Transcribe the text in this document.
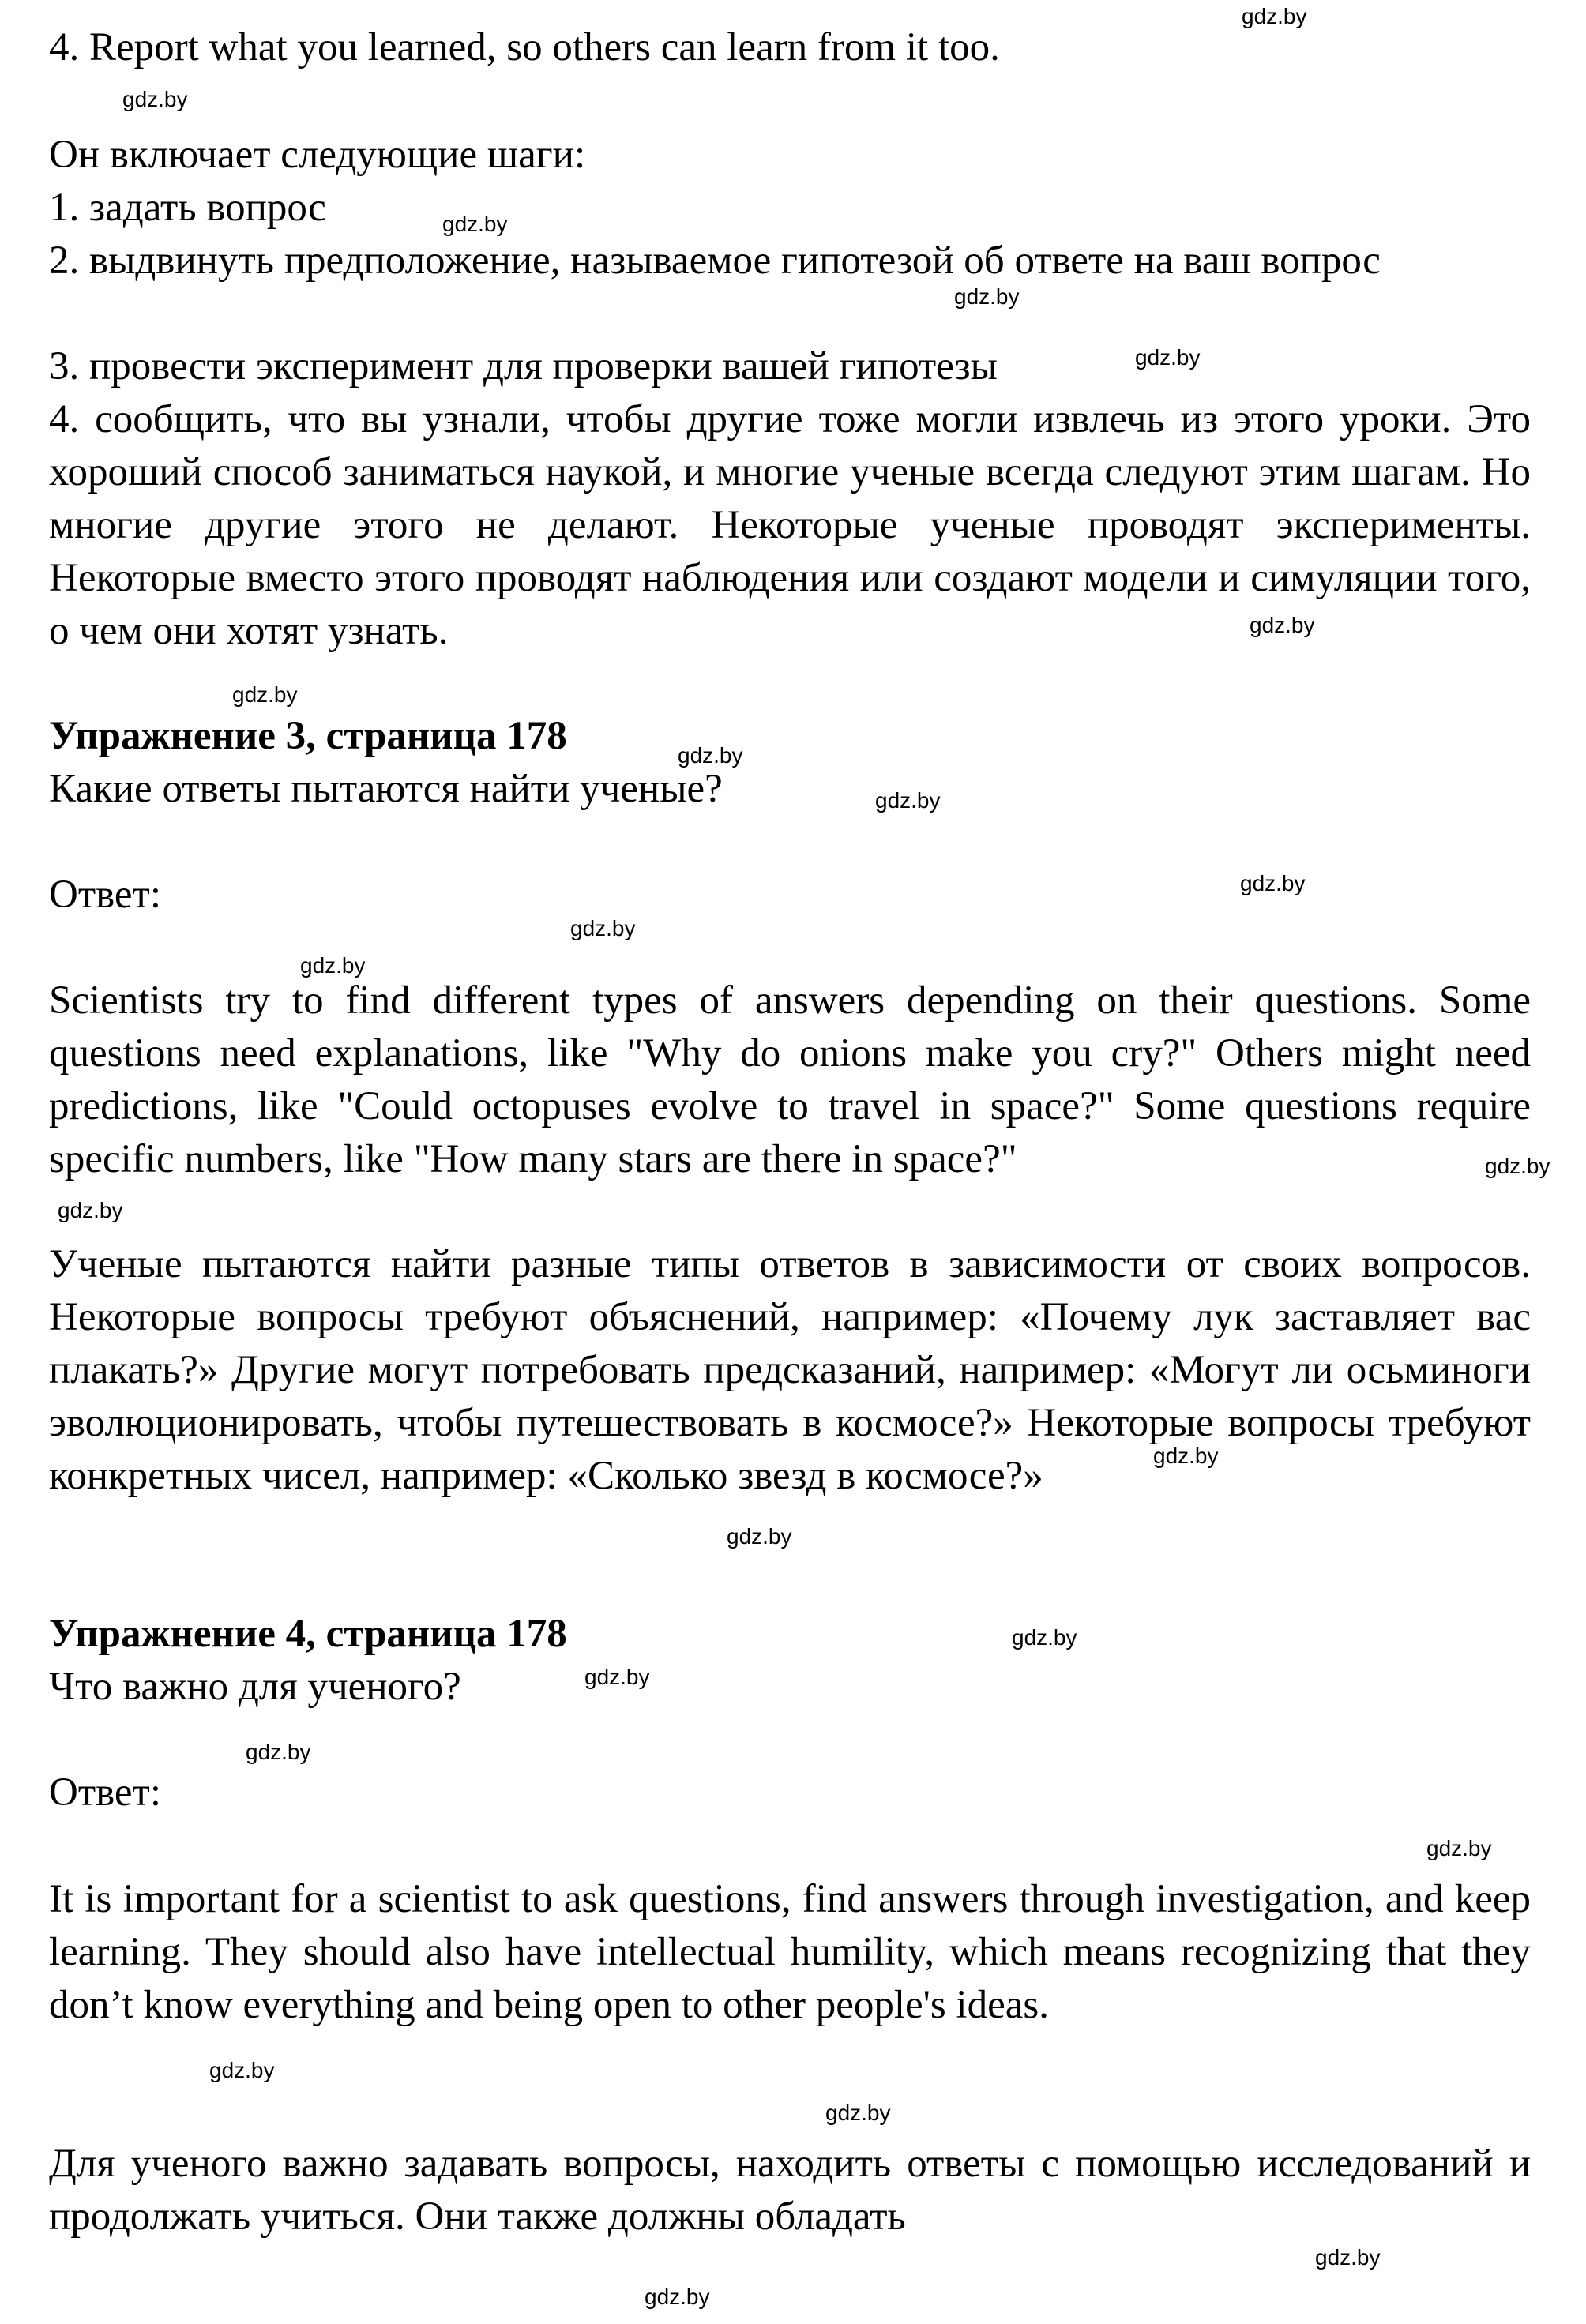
4. Report what you learned, so others can learn from it too.

Он включает следующие шаги:

1. задать вопрос

2. выдвинуть предположение, называемое гипотезой об ответе на ваш вопрос

3. провести эксперимент для проверки вашей гипотезы

4. сообщить, что вы узнали, чтобы другие тоже могли извлечь из этого уроки. Это хороший способ заниматься наукой, и многие ученые всегда следуют этим шагам. Но многие другие этого не делают. Некоторые ученые проводят эксперименты. Некоторые вместо этого проводят наблюдения или создают модели и симуляции того, о чем они хотят узнать.

Упражнение 3, страница 178

Какие ответы пытаются найти ученые?

Ответ:

Scientists try to find different types of answers depending on their questions. Some questions need explanations, like "Why do onions make you cry?" Others might need predictions, like "Could octopuses evolve to travel in space?" Some questions require specific numbers, like "How many stars are there in space?"

Ученые пытаются найти разные типы ответов в зависимости от своих вопросов. Некоторые вопросы требуют объяснений, например: «Почему лук заставляет вас плакать?» Другие могут потребовать предсказаний, например: «Могут ли осьминоги эволюционировать, чтобы путешествовать в космосе?» Некоторые вопросы требуют конкретных чисел, например: «Сколько звезд в космосе?»

Упражнение 4, страница 178

Что важно для ученого?

Ответ:

It is important for a scientist to ask questions, find answers through investigation, and keep learning. They should also have intellectual humility, which means recognizing that they don’t know everything and being open to other people's ideas.

Для ученого важно задавать вопросы, находить ответы с помощью исследований и продолжать учиться. Они также должны обладать

gdz.by
gdz.by
gdz.by
gdz.by
gdz.by
gdz.by
gdz.by
gdz.by
gdz.by
gdz.by
gdz.by
gdz.by
gdz.by
gdz.by
gdz.by
gdz.by
gdz.by
gdz.by
gdz.by
gdz.by
gdz.by
gdz.by
gdz.by
gdz.by
